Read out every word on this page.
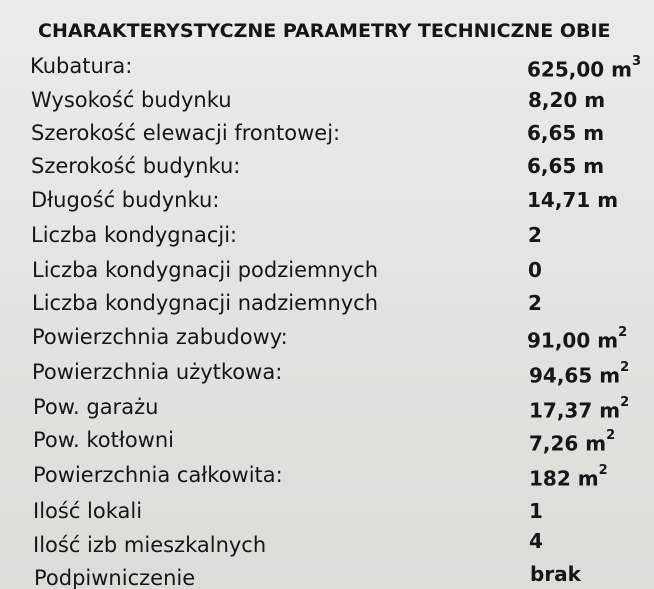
CHARAKTERYSTYCZNE PARAMETRY TECHNICZNE OBIE
Kubatura:	625,00 $m^3$
Wysokość budynku	8,20 m
Szerokość elewacji frontowej:	6,65 m
Szerokość budynku:	6,65 m
Długość budynku:	14,71 m
Liczba kondygnacji:	2
Liczba kondygnacji podziemnych	0
Liczba kondygnacji nadziemnych	2
Powierzchnia zabudowy:	91,00 $m^2$
Powierzchnia użytkowa:	94,65 $m^2$
Pow. garażu	17,37 $m^2$
Pow. kotłowni	7,26 $m^2$
Powierzchnia całkowita:	182 $m^2$
Ilość lokali	1
Ilość izb mieszkalnych	4
Podpiwniczenie	brak
